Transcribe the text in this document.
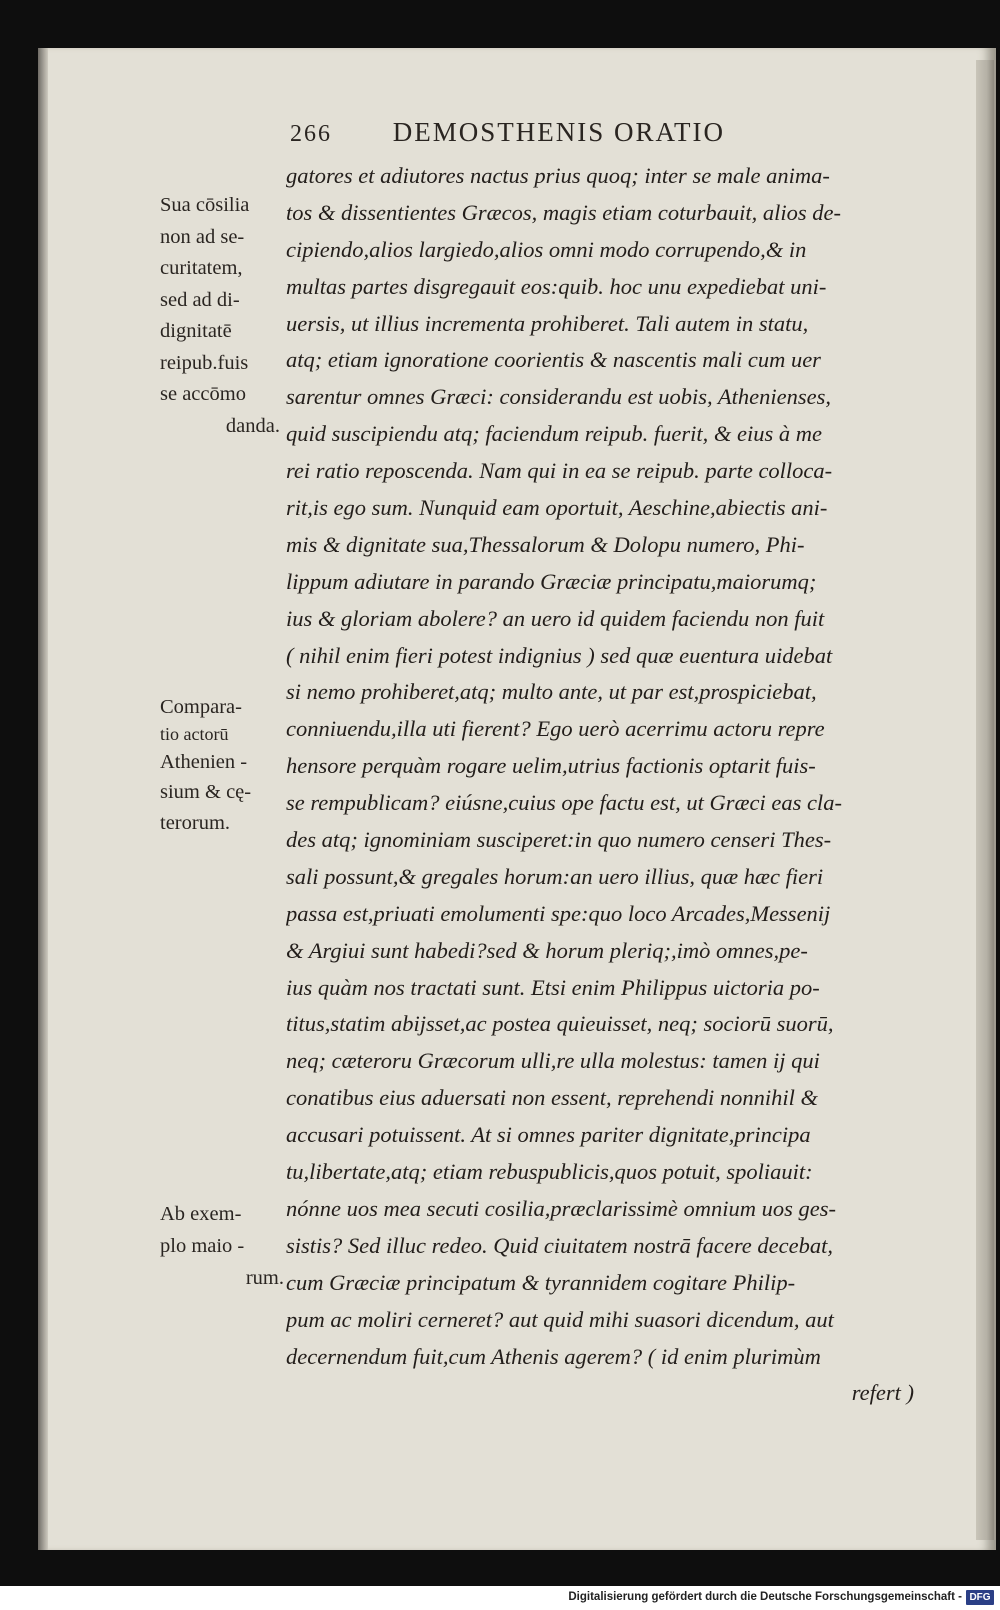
266 DEMOSTHENIS ORATIO
gatores et adiutores nactus prius quoq; inter se male anima-
tos & dissentientes Græcos, magis etiam coturbauit, alios de-
cipiendo,alios largiedo,alios omni modo corrupendo,& in
multas partes disgregauit eos:quib. hoc unu expediebat uni-
uersis, ut illius incrementa prohiberet. Tali autem in statu,
atq; etiam ignoratione coorientis & nascentis mali cum uer
sarentur omnes Græci: considerandu est uobis, Athenienses,
quid suscipiendu atq; faciendum reipub. fuerit, & eius à me
rei ratio reposcenda. Nam qui in ea se reipub. parte colloca-
rit,is ego sum. Nunquid eam oportuit, Aeschine,abiectis ani-
mis & dignitate sua,Thessalorum & Dolopu numero, Phi-
lippum adiutare in parando Græciæ principatu,maiorumq;
ius & gloriam abolere? an uero id quidem faciendu non fuit
( nihil enim fieri potest indignius ) sed quæ euentura uidebat
si nemo prohiberet,atq; multo ante, ut par est,prospiciebat,
conniuendu,illa uti fierent? Ego uerò acerrimu actoru repre
hensore perquàm rogare uelim,utrius factionis optarit fuis-
se rempublicam? eiúsne,cuius ope factu est, ut Græci eas cla-
des atq; ignominiam susciperet:in quo numero censeri Thes-
sali possunt,& gregales horum:an uero illius, quæ hæc fieri
passa est,priuati emolumenti spe:quo loco Arcades,Messenij
& Argiui sunt habedi?sed & horum pleriq;,imò omnes,pe-
ius quàm nos tractati sunt. Etsi enim Philippus uictoria po-
titus,statim abijsset,ac postea quieuisset, neq; sociorū suorū,
neq; cæteroru Græcorum ulli,re ulla molestus: tamen ij qui
conatibus eius aduersati non essent, reprehendi nonnihil &
accusari potuissent. At si omnes pariter dignitate,principa
tu,libertate,atq; etiam rebuspublicis,quos potuit, spoliauit:
nónne uos mea secuti cosilia,præclarissimè omnium uos ges-
sistis? Sed illuc redeo. Quid ciuitatem nostrā facere decebat,
cum Græciæ principatum & tyrannidem cogitare Philip-
pum ac moliri cerneret? aut quid mihi suasori dicendum, aut
decernendum fuit,cum Athenis agerem? ( id enim plurimùm
refert )
Sua cōsilia
non ad se-
curitatem,
sed ad di-
dignitatē
reipub.fuis
se accōmo
danda.
Compara-
tio actorū
Athenien -
sium & cę-
terorum.
Ab exem-
plo maio -
rum.
Digitalisierung gefördert durch die Deutsche Forschungsgemeinschaft - DFG
